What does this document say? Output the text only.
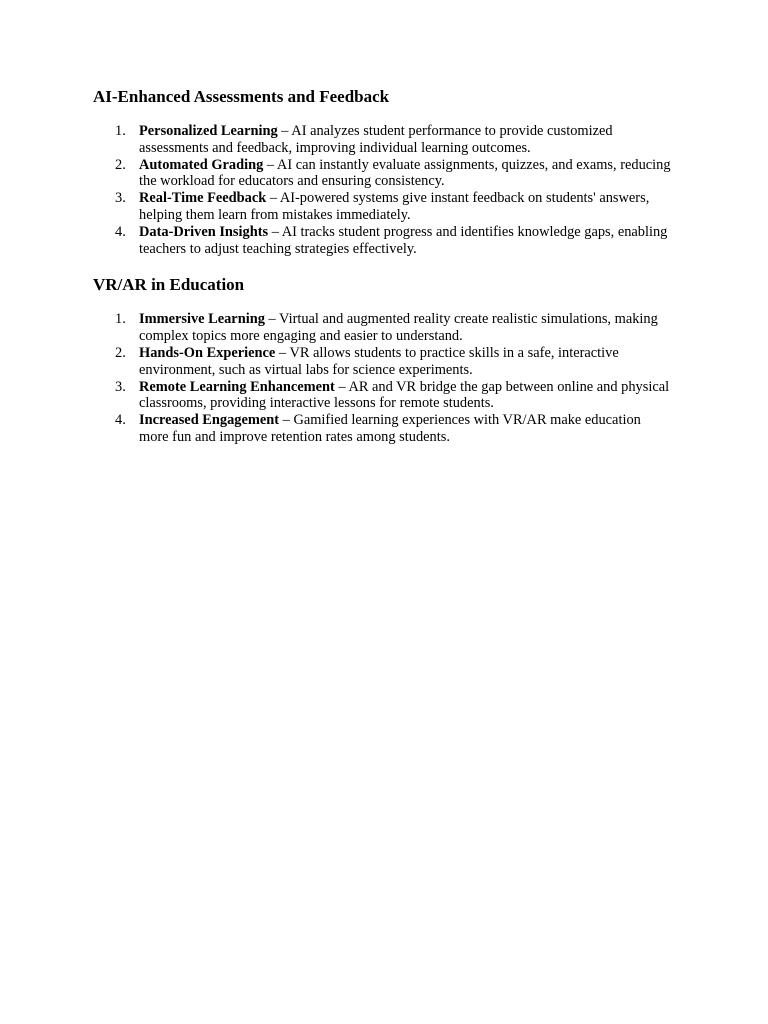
AI-Enhanced Assessments and Feedback
1. Personalized Learning – AI analyzes student performance to provide customized assessments and feedback, improving individual learning outcomes.
2. Automated Grading – AI can instantly evaluate assignments, quizzes, and exams, reducing the workload for educators and ensuring consistency.
3. Real-Time Feedback – AI-powered systems give instant feedback on students' answers, helping them learn from mistakes immediately.
4. Data-Driven Insights – AI tracks student progress and identifies knowledge gaps, enabling teachers to adjust teaching strategies effectively.
VR/AR in Education
1. Immersive Learning – Virtual and augmented reality create realistic simulations, making complex topics more engaging and easier to understand.
2. Hands-On Experience – VR allows students to practice skills in a safe, interactive environment, such as virtual labs for science experiments.
3. Remote Learning Enhancement – AR and VR bridge the gap between online and physical classrooms, providing interactive lessons for remote students.
4. Increased Engagement – Gamified learning experiences with VR/AR make education more fun and improve retention rates among students.
